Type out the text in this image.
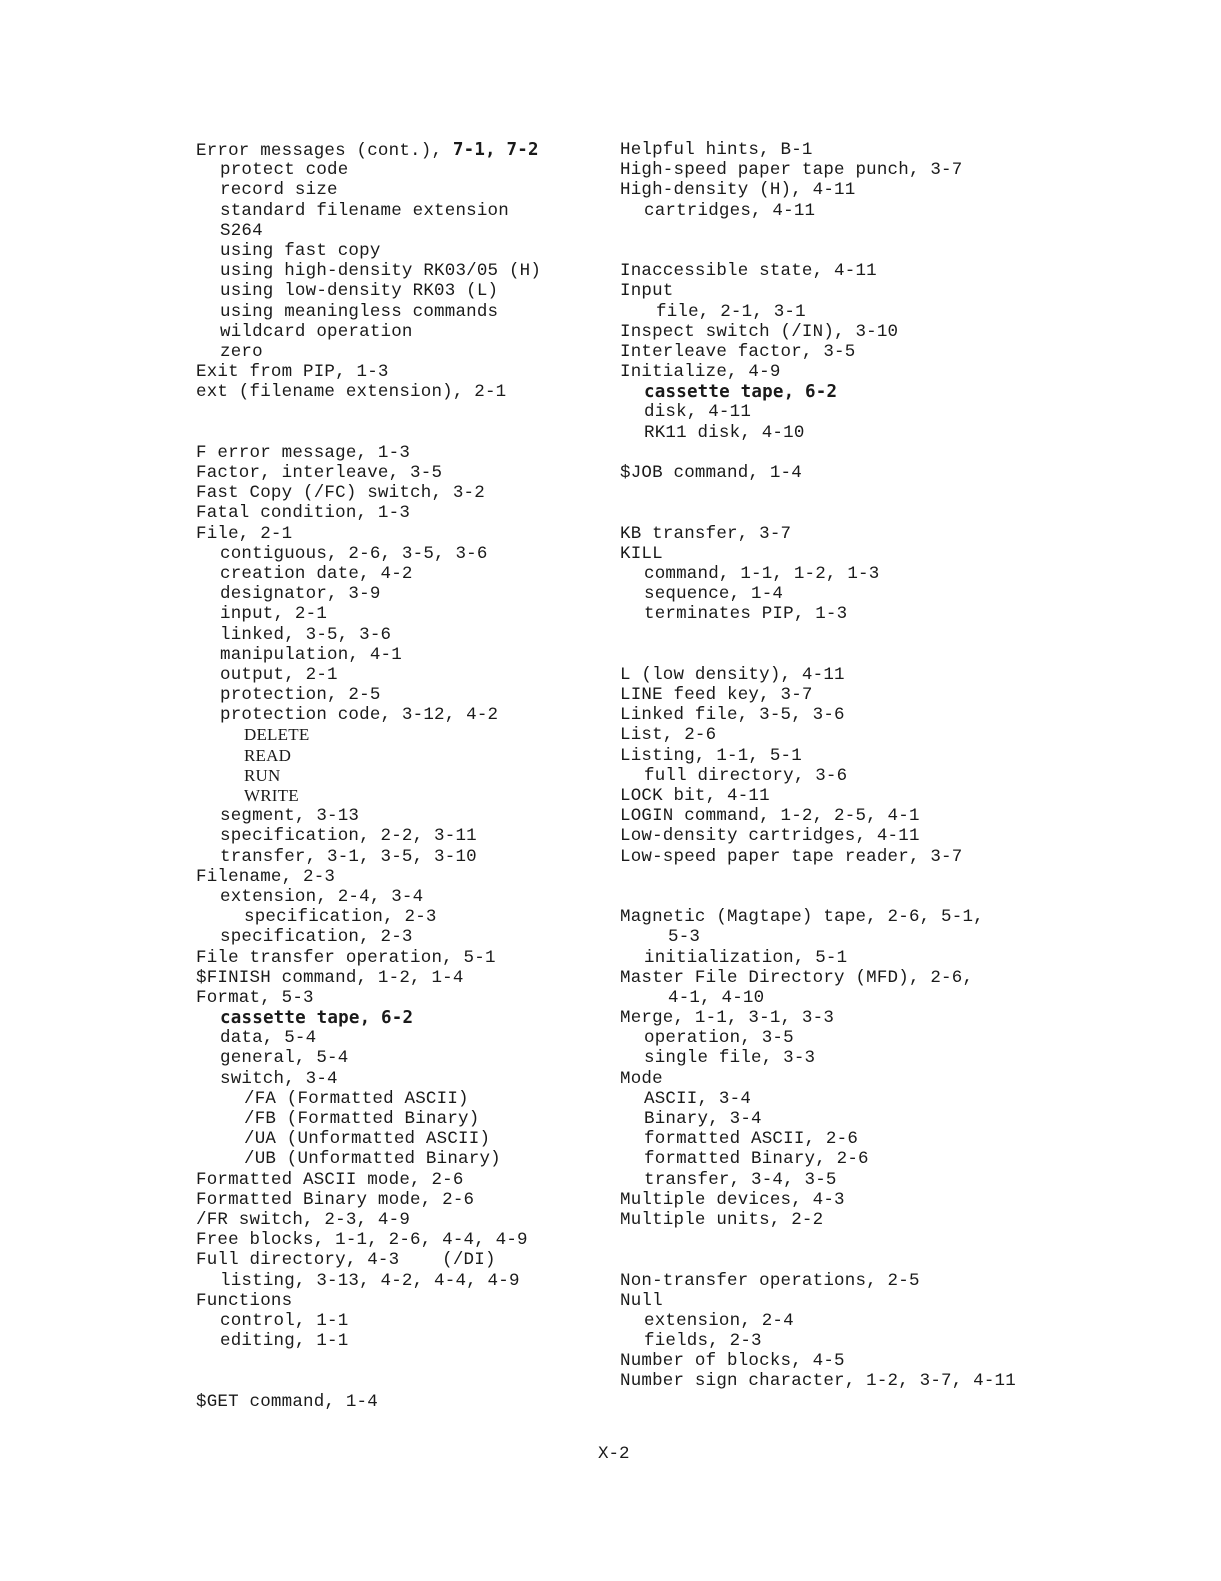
Error messages (cont.), 7-1, 7-2
protect code
record size
standard filename extension
S264
using fast copy
using high-density RK03/05 (H)
using low-density RK03 (L)
using meaningless commands
wildcard operation
zero
Exit from PIP, 1-3
ext (filename extension), 2-1
F error message, 1-3
Factor, interleave, 3-5
Fast Copy (/FC) switch, 3-2
Fatal condition, 1-3
File, 2-1
contiguous, 2-6, 3-5, 3-6
creation date, 4-2
designator, 3-9
input, 2-1
linked, 3-5, 3-6
manipulation, 4-1
output, 2-1
protection, 2-5
protection code, 3-12, 4-2
DELETE
READ
RUN
WRITE
segment, 3-13
specification, 2-2, 3-11
transfer, 3-1, 3-5, 3-10
Filename, 2-3
extension, 2-4, 3-4
specification, 2-3
specification, 2-3
File transfer operation, 5-1
$FINISH command, 1-2, 1-4
Format, 5-3
cassette tape, 6-2
data, 5-4
general, 5-4
switch, 3-4
/FA (Formatted ASCII)
/FB (Formatted Binary)
/UA (Unformatted ASCII)
/UB (Unformatted Binary)
Formatted ASCII mode, 2-6
Formatted Binary mode, 2-6
/FR switch, 2-3, 4-9
Free blocks, 1-1, 2-6, 4-4, 4-9
Full directory, 4-3    (/DI)
listing, 3-13, 4-2, 4-4, 4-9
Functions
control, 1-1
editing, 1-1
$GET command, 1-4
Helpful hints, B-1
High-speed paper tape punch, 3-7
High-density (H), 4-11
cartridges, 4-11
Inaccessible state, 4-11
Input
file, 2-1, 3-1
Inspect switch (/IN), 3-10
Interleave factor, 3-5
Initialize, 4-9
cassette tape, 6-2
disk, 4-11
RK11 disk, 4-10
$JOB command, 1-4
KB transfer, 3-7
KILL
command, 1-1, 1-2, 1-3
sequence, 1-4
terminates PIP, 1-3
L (low density), 4-11
LINE feed key, 3-7
Linked file, 3-5, 3-6
List, 2-6
Listing, 1-1, 5-1
full directory, 3-6
LOCK bit, 4-11
LOGIN command, 1-2, 2-5, 4-1
Low-density cartridges, 4-11
Low-speed paper tape reader, 3-7
Magnetic (Magtape) tape, 2-6, 5-1,
5-3
initialization, 5-1
Master File Directory (MFD), 2-6,
4-1, 4-10
Merge, 1-1, 3-1, 3-3
operation, 3-5
single file, 3-3
Mode
ASCII, 3-4
Binary, 3-4
formatted ASCII, 2-6
formatted Binary, 2-6
transfer, 3-4, 3-5
Multiple devices, 4-3
Multiple units, 2-2
Non-transfer operations, 2-5
Null
extension, 2-4
fields, 2-3
Number of blocks, 4-5
Number sign character, 1-2, 3-7, 4-11
X-2
